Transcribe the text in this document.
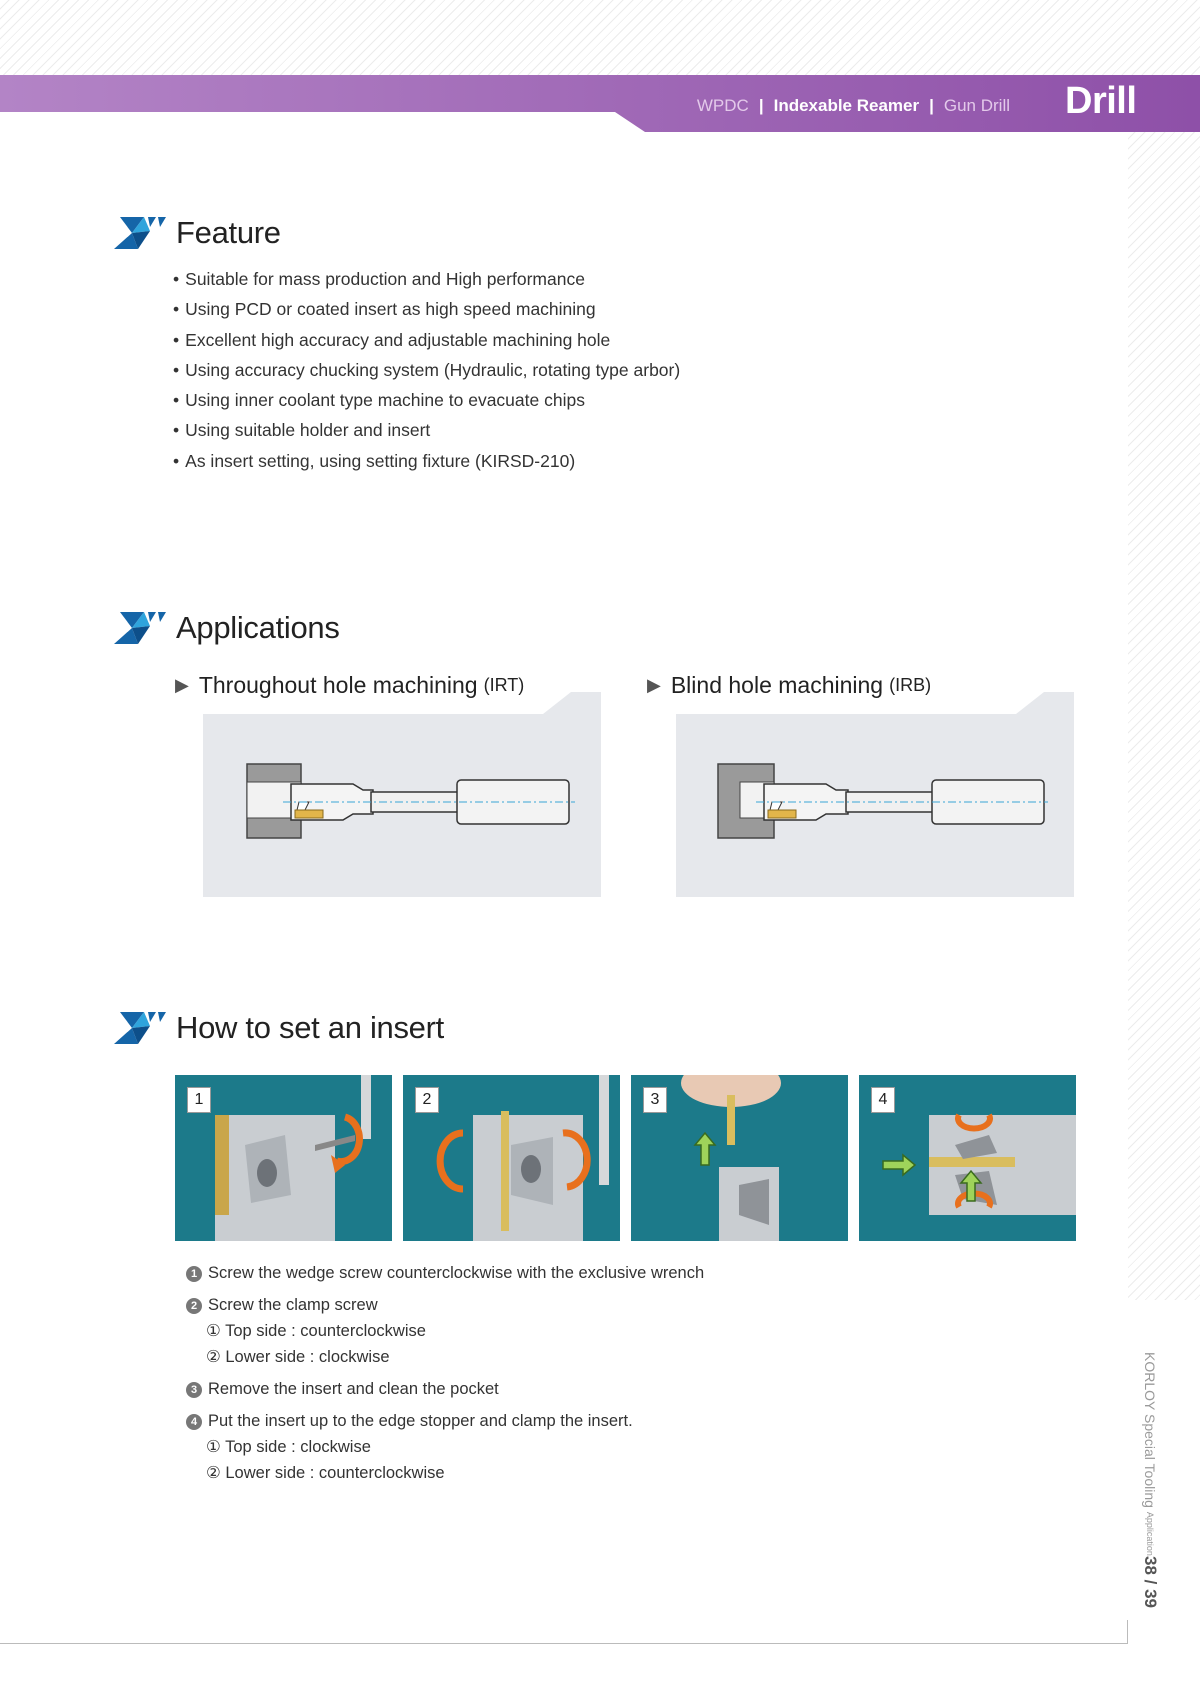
WPDC | Indexable Reamer | Gun Drill Drill
Feature
• Suitable for mass production and High performance
• Using PCD or coated insert as high speed machining
• Excellent high accuracy and adjustable machining hole
• Using accuracy chucking system (Hydraulic, rotating type arbor)
• Using inner coolant type machine to evacuate chips
• Using suitable holder and insert
• As insert setting, using setting fixture (KIRSD-210)
Applications
▶ Throughout hole machining (IRT)	▶ Blind hole machining (IRB)
How to set an insert
1	2	3	4
1 Screw the wedge screw counterclockwise with the exclusive wrench
2 Screw the clamp screw
① Top side : counterclockwise
② Lower side : clockwise
3 Remove the insert and clean the pocket
4 Put the insert up to the edge stopper and clamp the insert.
① Top side : clockwise
② Lower side : counterclockwise	KORLOY Special Tooling Application
38 / 39
